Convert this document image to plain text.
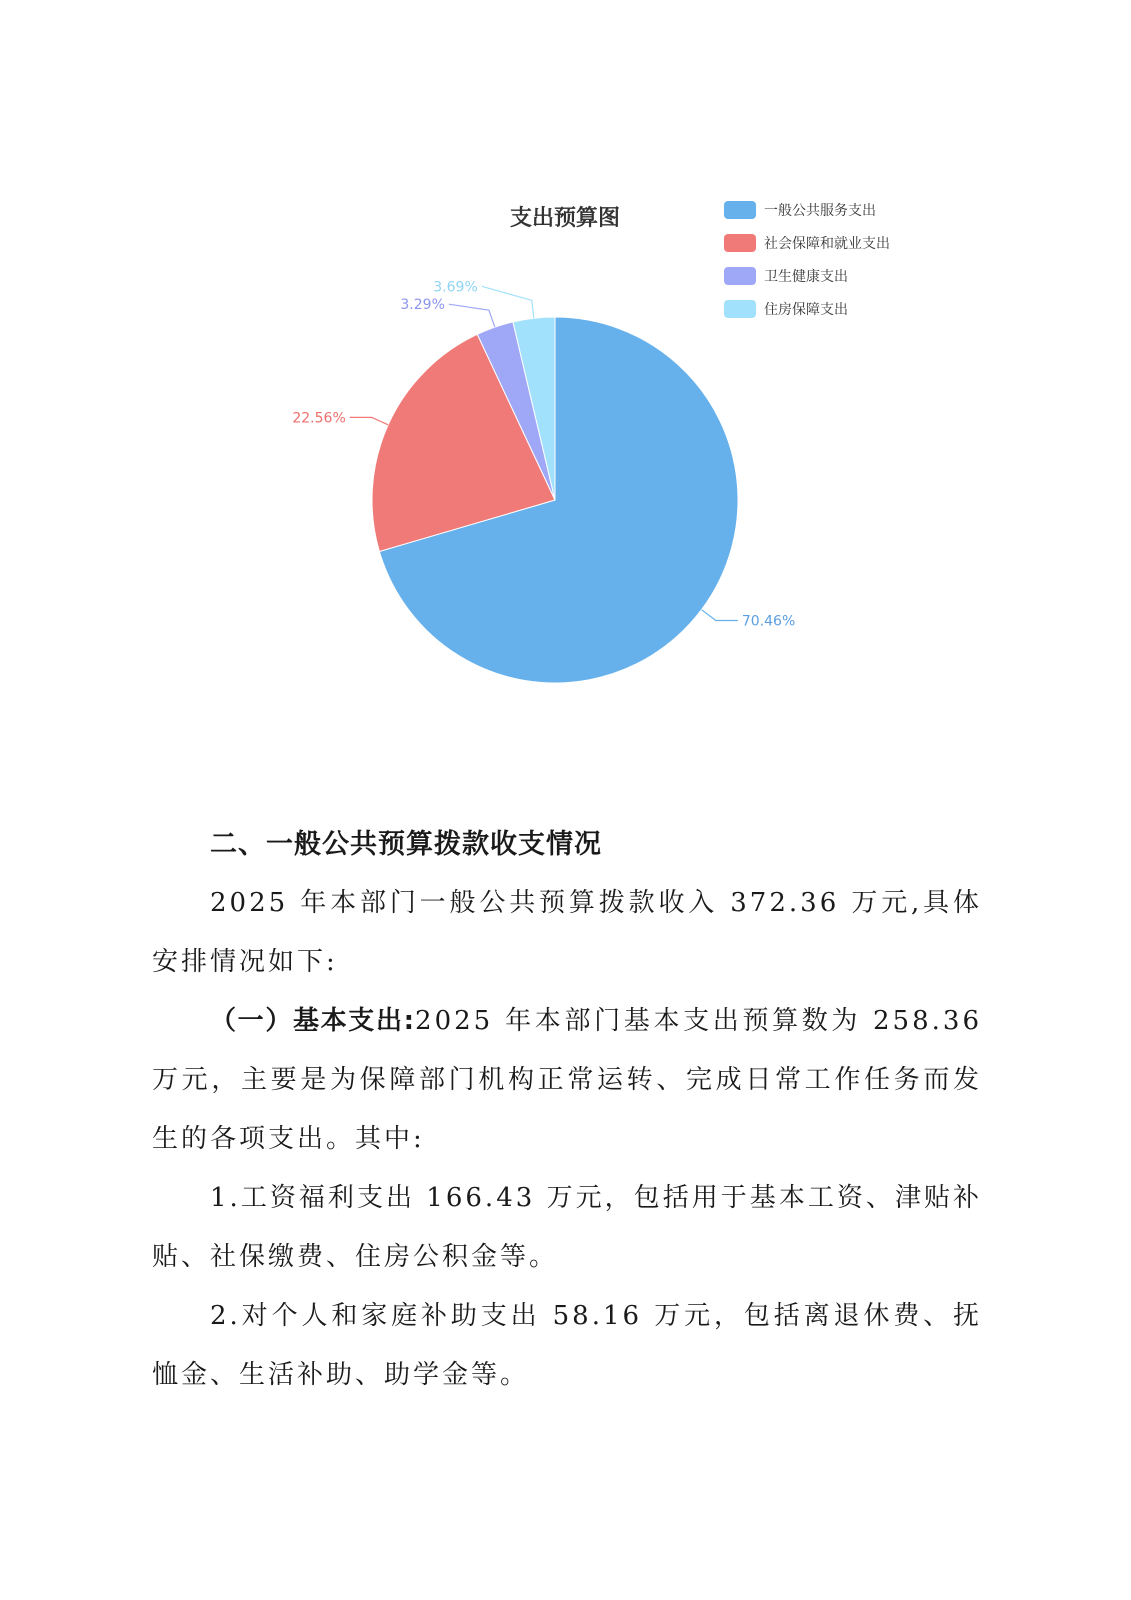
支出预算图
70.46%
22.56%
3.29%
3.69%
一般公共服务支出
社会保障和就业支出
卫生健康支出
住房保障支出

二、一般公共预算拨款收支情况

2025 年本部门一般公共预算拨款收入 372.36 万元,具体安排情况如下:

（一）基本支出:2025 年本部门基本支出预算数为 258.36 万元，主要是为保障部门机构正常运转、完成日常工作任务而发生的各项支出。其中:

1.工资福利支出 166.43 万元，包括用于基本工资、津贴补贴、社保缴费、住房公积金等。

2.对个人和家庭补助支出 58.16 万元，包括离退休费、抚恤金、生活补助、助学金等。
